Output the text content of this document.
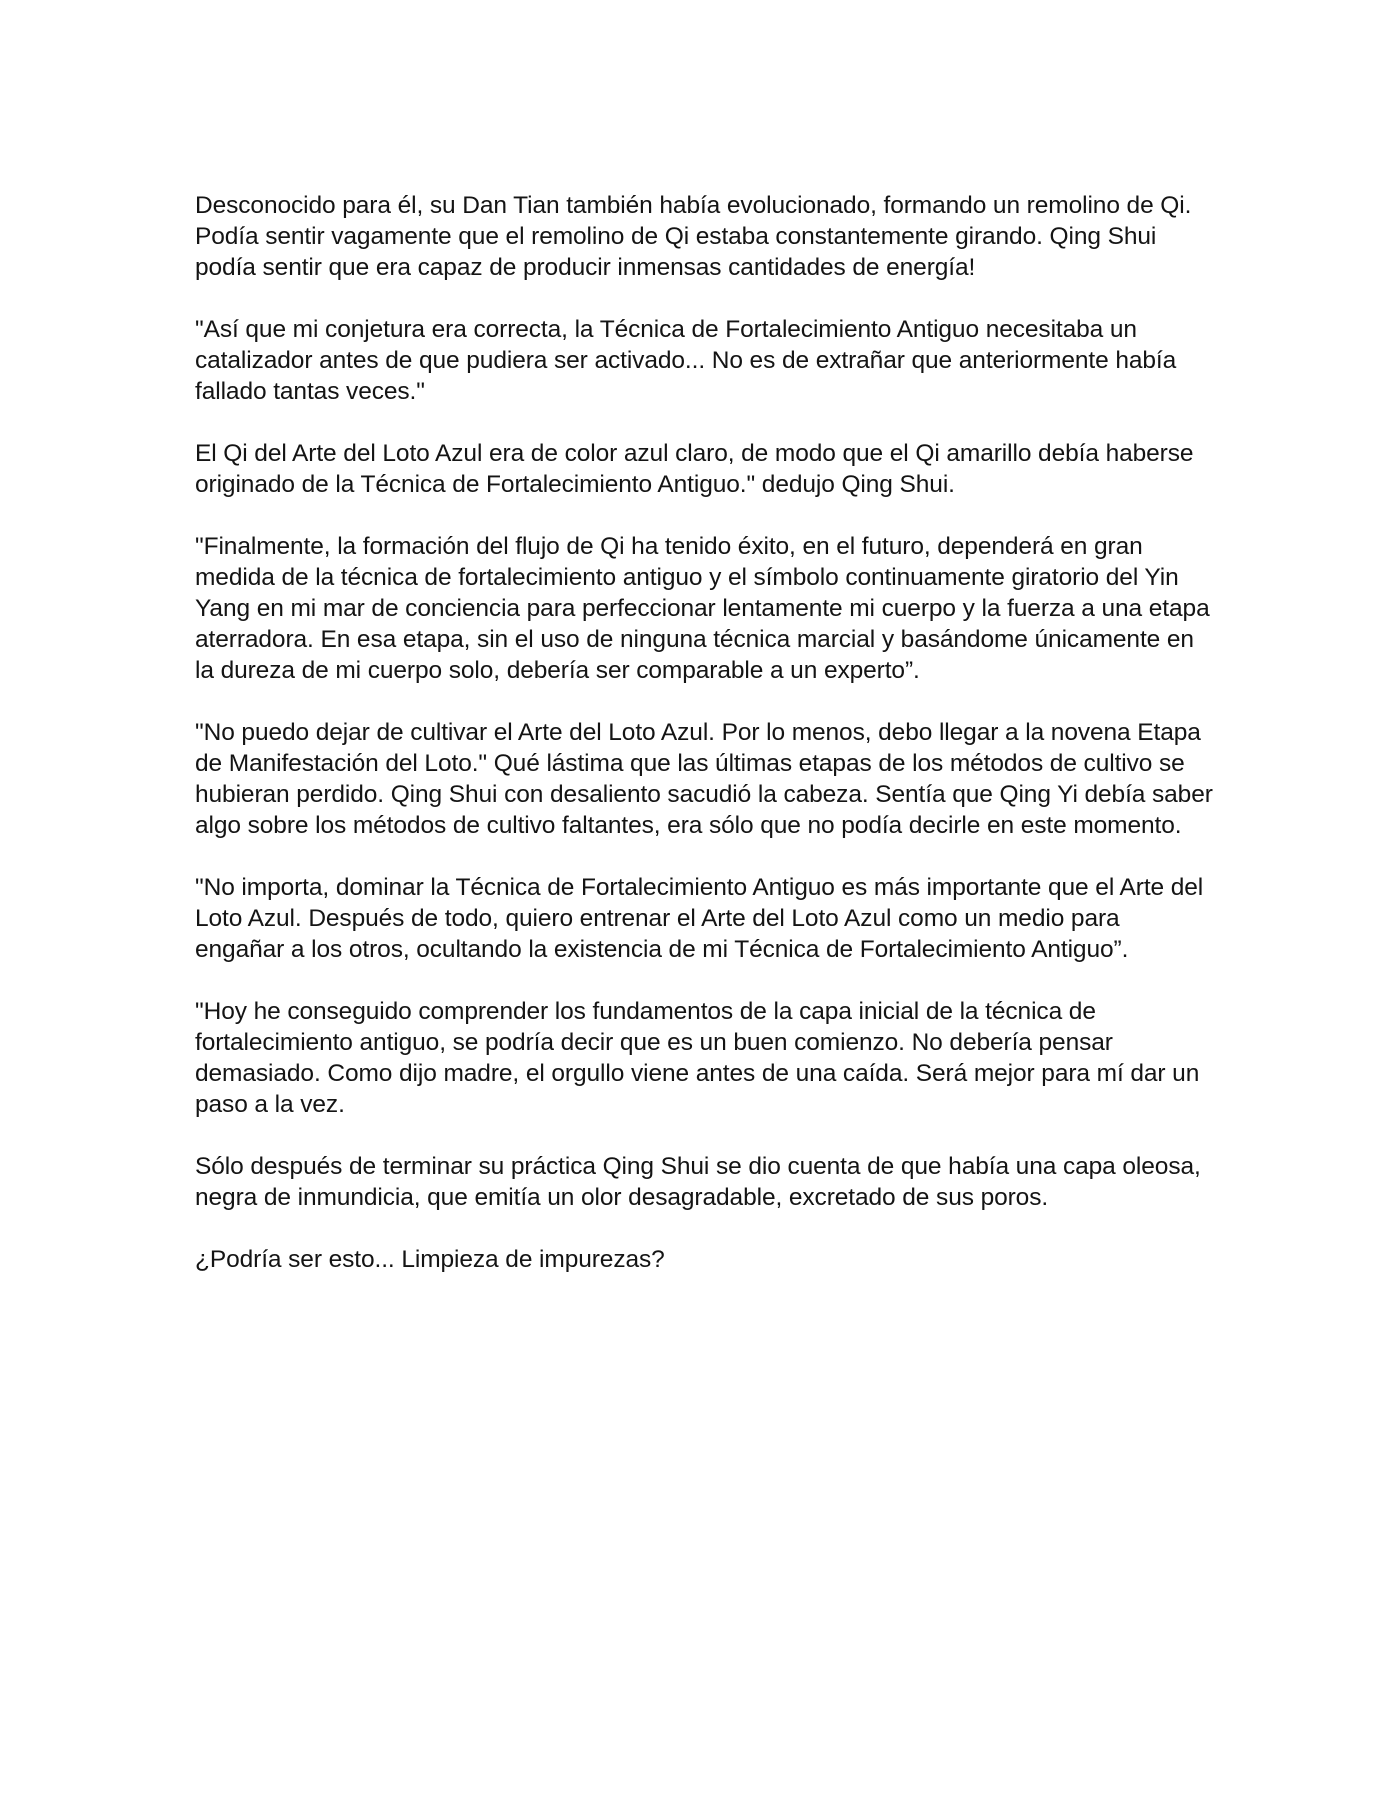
Desconocido para él, su Dan Tian también había evolucionado, formando un remolino de Qi. Podía sentir vagamente que el remolino de Qi estaba constantemente girando. Qing Shui podía sentir que era capaz de producir inmensas cantidades de energía!

"Así que mi conjetura era correcta, la Técnica de Fortalecimiento Antiguo necesitaba un catalizador antes de que pudiera ser activado... No es de extrañar que anteriormente había fallado tantas veces."

El Qi del Arte del Loto Azul era de color azul claro, de modo que el Qi amarillo debía haberse originado de la Técnica de Fortalecimiento Antiguo." dedujo Qing Shui.

"Finalmente, la formación del flujo de Qi ha tenido éxito, en el futuro, dependerá en gran medida de la técnica de fortalecimiento antiguo y el símbolo continuamente giratorio del Yin Yang en mi mar de conciencia para perfeccionar lentamente mi cuerpo y la fuerza a una etapa aterradora. En esa etapa, sin el uso de ninguna técnica marcial y basándome únicamente en la dureza de mi cuerpo solo, debería ser comparable a un experto”.

"No puedo dejar de cultivar el Arte del Loto Azul. Por lo menos, debo llegar a la novena Etapa de Manifestación del Loto." Qué lástima que las últimas etapas de los métodos de cultivo se hubieran perdido. Qing Shui con desaliento sacudió la cabeza. Sentía que Qing Yi debía saber algo sobre los métodos de cultivo faltantes, era sólo que no podía decirle en este momento.

"No importa, dominar la Técnica de Fortalecimiento Antiguo es más importante que el Arte del Loto Azul. Después de todo, quiero entrenar el Arte del Loto Azul como un medio para engañar a los otros, ocultando la existencia de mi Técnica de Fortalecimiento Antiguo”.

"Hoy he conseguido comprender los fundamentos de la capa inicial de la técnica de fortalecimiento antiguo, se podría decir que es un buen comienzo. No debería pensar demasiado. Como dijo madre, el orgullo viene antes de una caída. Será mejor para mí dar un paso a la vez.

Sólo después de terminar su práctica Qing Shui se dio cuenta de que había una capa oleosa, negra de inmundicia, que emitía un olor desagradable, excretado de sus poros.

¿Podría ser esto... Limpieza de impurezas?
